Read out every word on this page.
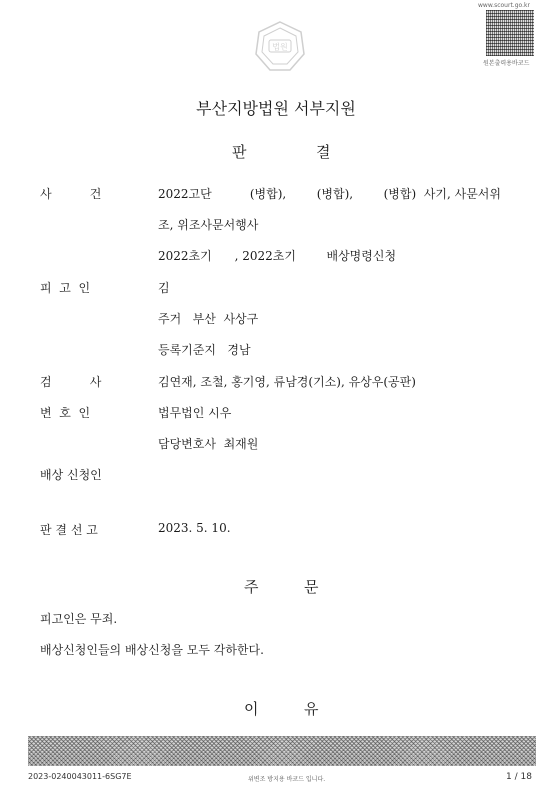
법원
www.scourt.go.kr
원본출력용바코드
부산지방법원 서부지원
판	결
사          건	2022고단          (병합),        (병합),        (병합)  사기, 사문서위
조, 위조사문서행사
2022초기      , 2022초기        배상명령신청
피  고  인	김
주거   부산  사상구
등록기준지   경남
검          사	김연재, 조철, 홍기영, 류남경(기소), 유상우(공판)
변  호  인	법무법인 시우
담당변호사  최재원
배상 신청인
판 결 선 고	2023. 5. 10.
주	문
피고인은 무죄.
배상신청인들의 배상신청을 모두 각하한다.
이	유
2023-0240043011-6SG7E	위변조 방지용 바코드 입니다.	1 / 18
